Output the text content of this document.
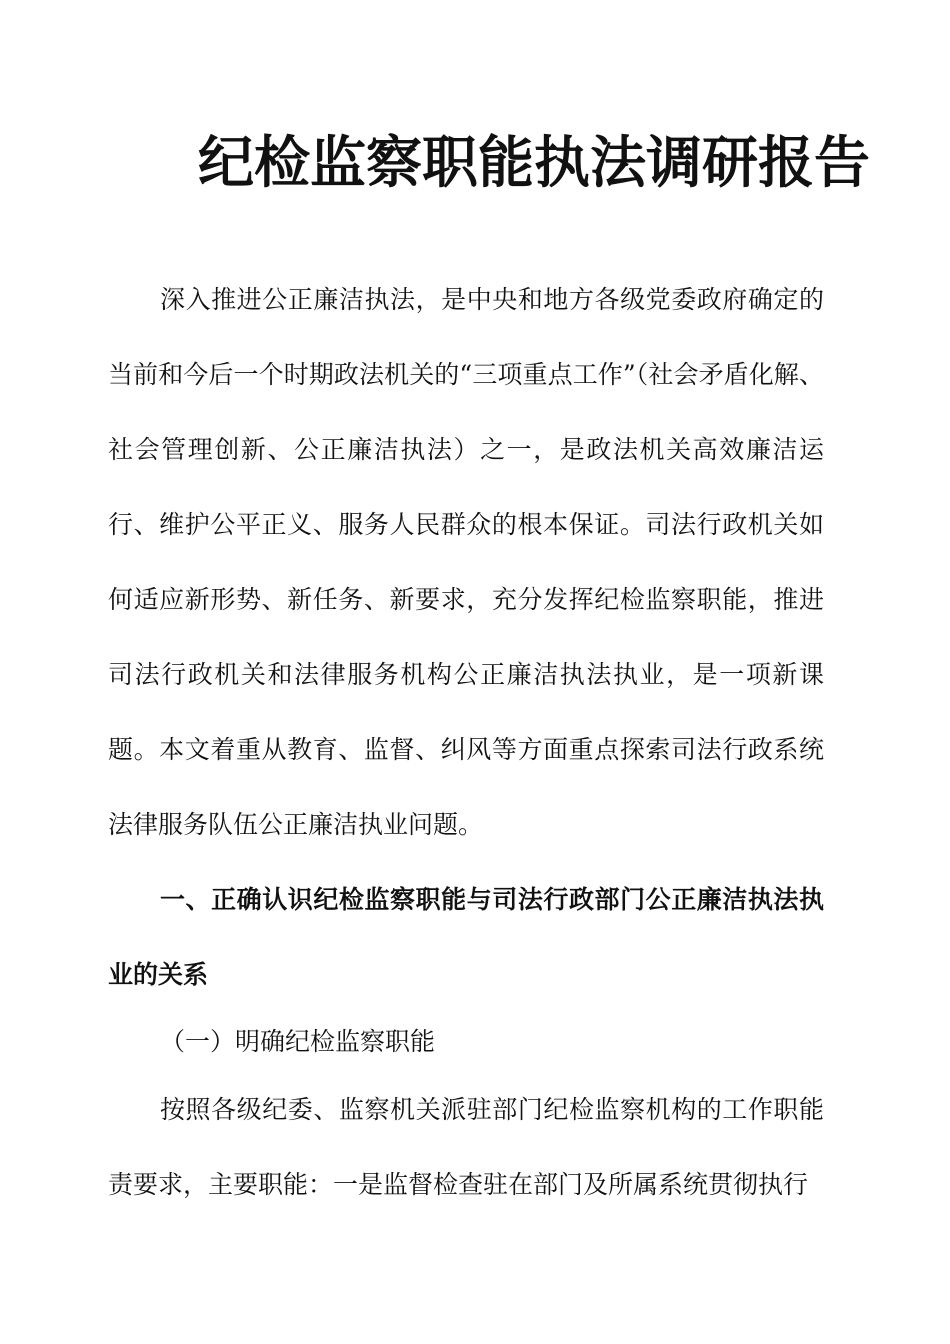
纪检监察职能执法调研报告

深入推进公正廉洁执法，是中央和地方各级党委政府确定的当前和今后一个时期政法机关的“三项重点工作”（社会矛盾化解、社会管理创新、公正廉洁执法）之一，是政法机关高效廉洁运行、维护公平正义、服务人民群众的根本保证。司法行政机关如何适应新形势、新任务、新要求，充分发挥纪检监察职能，推进司法行政机关和法律服务机构公正廉洁执法执业，是一项新课题。本文着重从教育、监督、纠风等方面重点探索司法行政系统法律服务队伍公正廉洁执业问题。

一、正确认识纪检监察职能与司法行政部门公正廉洁执法执业的关系

（一）明确纪检监察职能

按照各级纪委、监察机关派驻部门纪检监察机构的工作职能责要求，主要职能：一是监督检查驻在部门及所属系统贯彻执行
